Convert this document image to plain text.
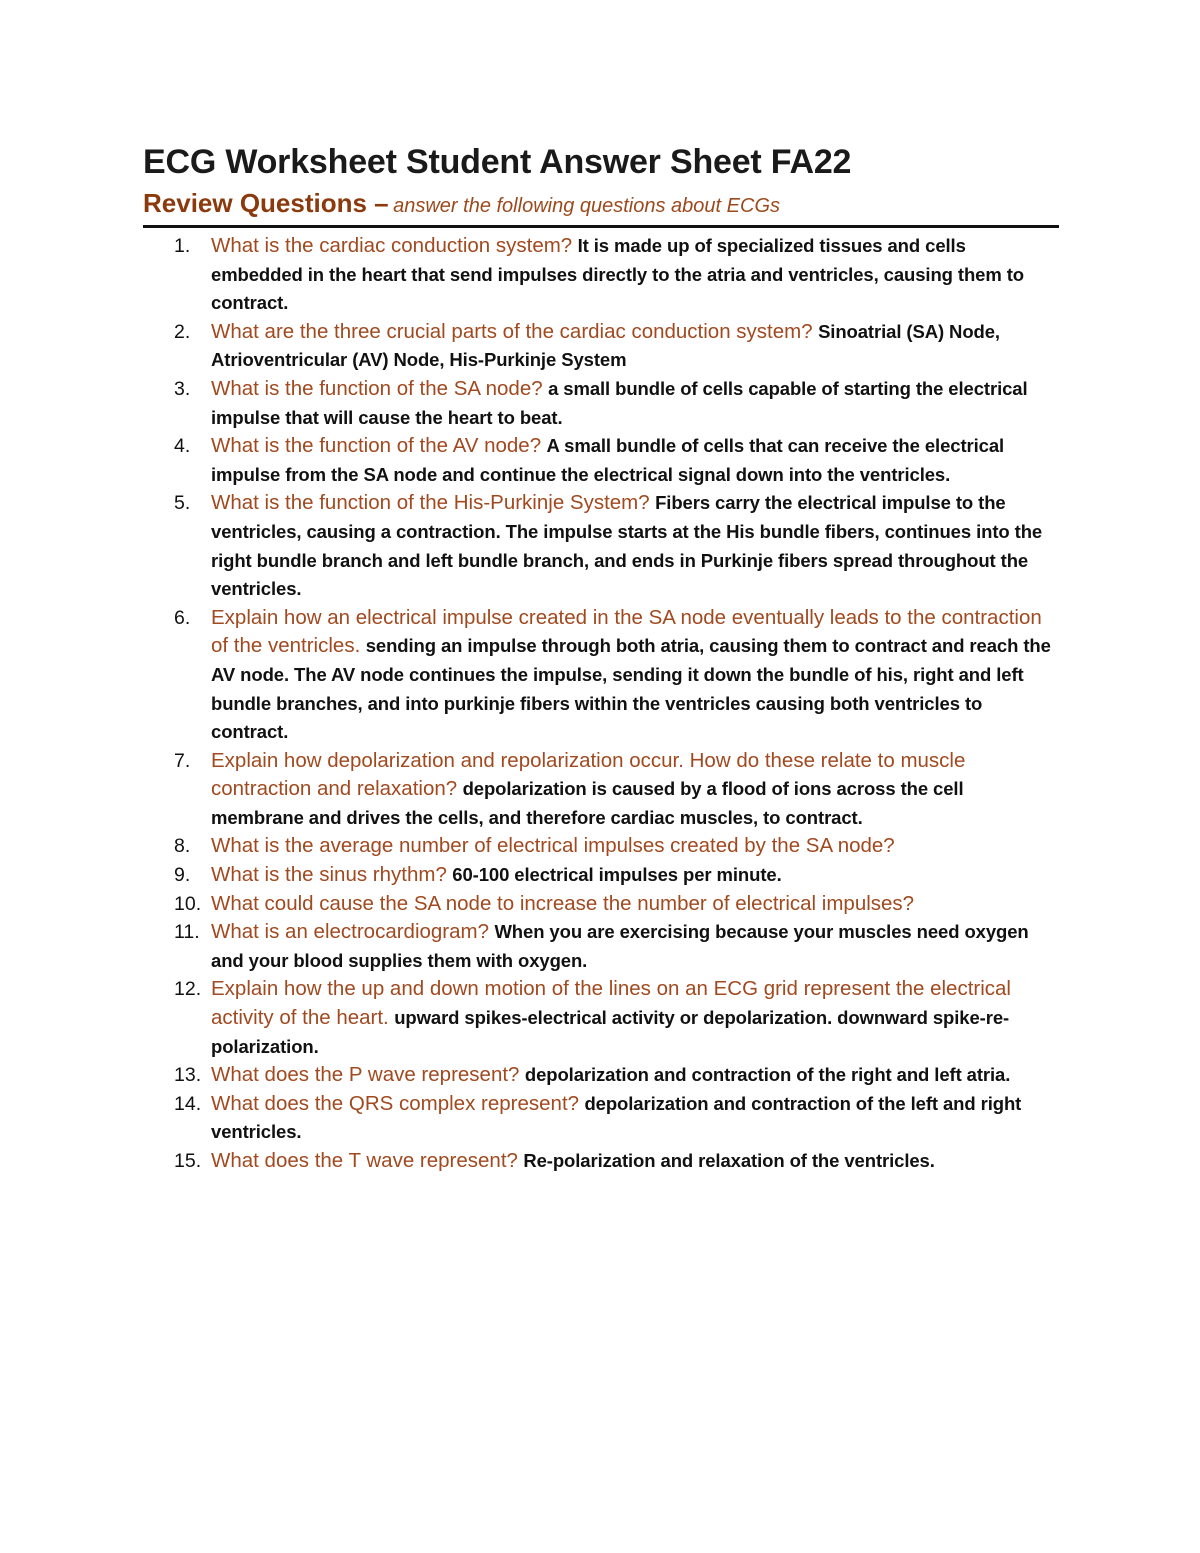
ECG Worksheet Student Answer Sheet FA22
Review Questions – answer the following questions about ECGs
1. What is the cardiac conduction system? It is made up of specialized tissues and cells embedded in the heart that send impulses directly to the atria and ventricles, causing them to contract.
2. What are the three crucial parts of the cardiac conduction system? Sinoatrial (SA) Node, Atrioventricular (AV) Node, His-Purkinje System
3. What is the function of the SA node? a small bundle of cells capable of starting the electrical impulse that will cause the heart to beat.
4. What is the function of the AV node? A small bundle of cells that can receive the electrical impulse from the SA node and continue the electrical signal down into the ventricles.
5. What is the function of the His-Purkinje System? Fibers carry the electrical impulse to the ventricles, causing a contraction. The impulse starts at the His bundle fibers, continues into the right bundle branch and left bundle branch, and ends in Purkinje fibers spread throughout the ventricles.
6. Explain how an electrical impulse created in the SA node eventually leads to the contraction of the ventricles. sending an impulse through both atria, causing them to contract and reach the AV node. The AV node continues the impulse, sending it down the bundle of his, right and left bundle branches, and into purkinje fibers within the ventricles causing both ventricles to contract.
7. Explain how depolarization and repolarization occur. How do these relate to muscle contraction and relaxation? depolarization is caused by a flood of ions across the cell membrane and drives the cells, and therefore cardiac muscles, to contract.
8. What is the average number of electrical impulses created by the SA node?
9. What is the sinus rhythm? 60-100 electrical impulses per minute.
10. What could cause the SA node to increase the number of electrical impulses?
11. What is an electrocardiogram? When you are exercising because your muscles need oxygen and your blood supplies them with oxygen.
12. Explain how the up and down motion of the lines on an ECG grid represent the electrical activity of the heart. upward spikes-electrical activity or depolarization. downward spike-re-polarization.
13. What does the P wave represent? depolarization and contraction of the right and left atria.
14. What does the QRS complex represent? depolarization and contraction of the left and right ventricles.
15. What does the T wave represent? Re-polarization and relaxation of the ventricles.
